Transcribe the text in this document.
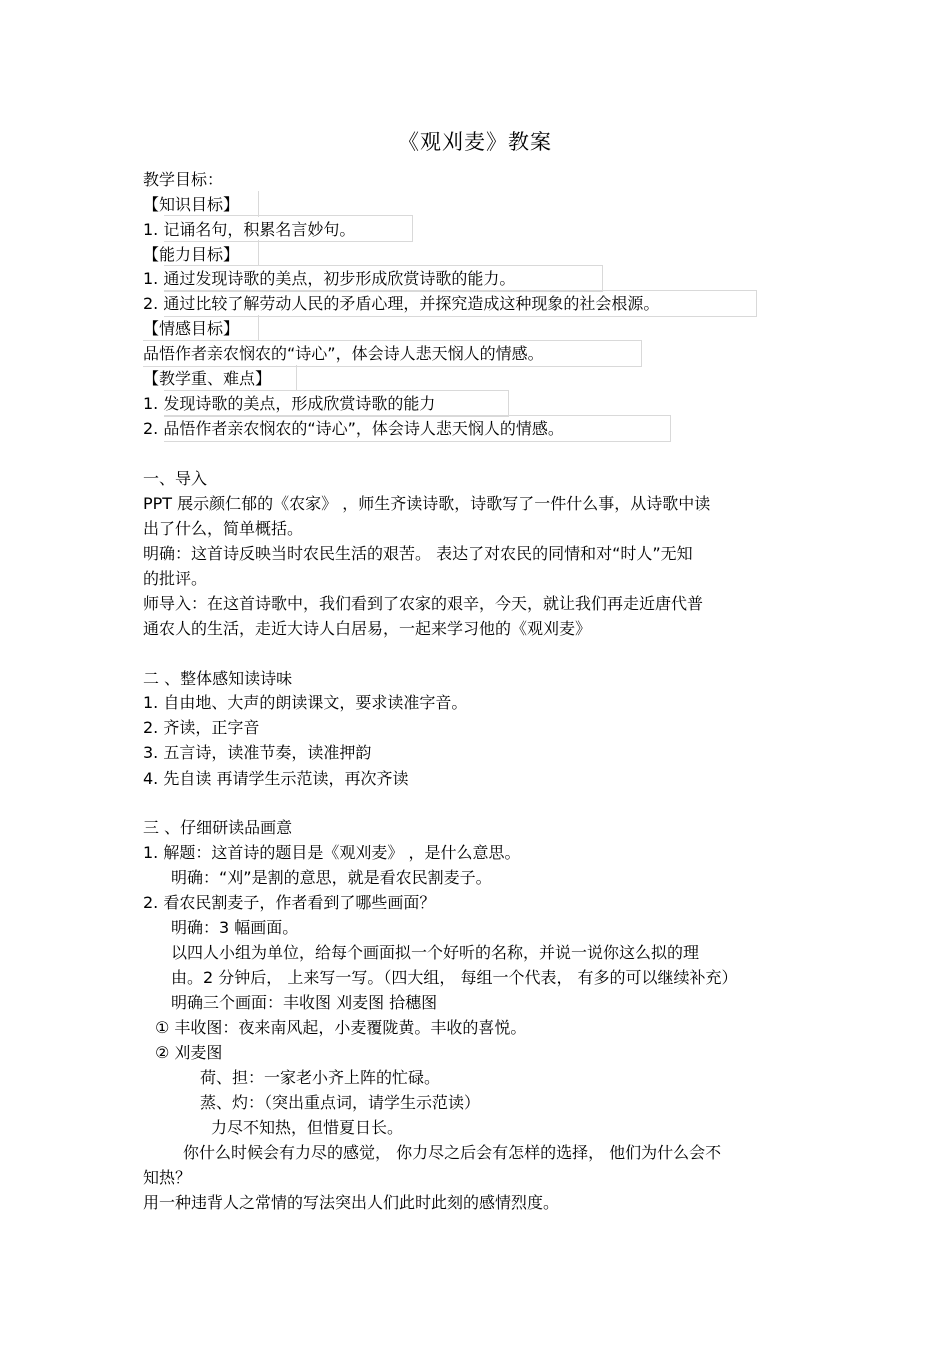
《观刈麦》教案
教学目标：
【知识目标】
1. 记诵名句，积累名言妙句。
【能力目标】
1. 通过发现诗歌的美点，初步形成欣赏诗歌的能力。
2. 通过比较了解劳动人民的矛盾心理，并探究造成这种现象的社会根源。
【情感目标】
品悟作者亲农悯农的“诗心”，体会诗人悲天悯人的情感。
【教学重、难点】
1. 发现诗歌的美点，形成欣赏诗歌的能力
2. 品悟作者亲农悯农的“诗心”，体会诗人悲天悯人的情感。
一、导入
PPT 展示颜仁郁的《农家》 ，师生齐读诗歌，诗歌写了一件什么事，从诗歌中读
出了什么，简单概括。
明确：这首诗反映当时农民生活的艰苦。 表达了对农民的同情和对“时人”无知
的批评。
师导入：在这首诗歌中，我们看到了农家的艰辛，今天，就让我们再走近唐代普
通农人的生活，走近大诗人白居易，一起来学习他的《观刈麦》
二 、整体感知读诗味
1. 自由地、大声的朗读课文，要求读准字音。
2. 齐读，正字音
3. 五言诗，读准节奏，读准押韵
4. 先自读 再请学生示范读，再次齐读
三 、仔细研读品画意
1. 解题：这首诗的题目是《观刈麦》 ，是什么意思。
明确：“刈”是割的意思，就是看农民割麦子。
2. 看农民割麦子，作者看到了哪些画面？
明确：3 幅画面。
以四人小组为单位，给每个画面拟一个好听的名称，并说一说你这么拟的理
由。2 分钟后， 上来写一写。（四大组， 每组一个代表， 有多的可以继续补充）
明确三个画面：丰收图 刈麦图 拾穗图
① 丰收图：夜来南风起，小麦覆陇黄。丰收的喜悦。
② 刈麦图
荷、担：一家老小齐上阵的忙碌。
蒸、灼：（突出重点词，请学生示范读）
力尽不知热，但惜夏日长。
你什么时候会有力尽的感觉， 你力尽之后会有怎样的选择， 他们为什么会不
知热？
用一种违背人之常情的写法突出人们此时此刻的感情烈度。
